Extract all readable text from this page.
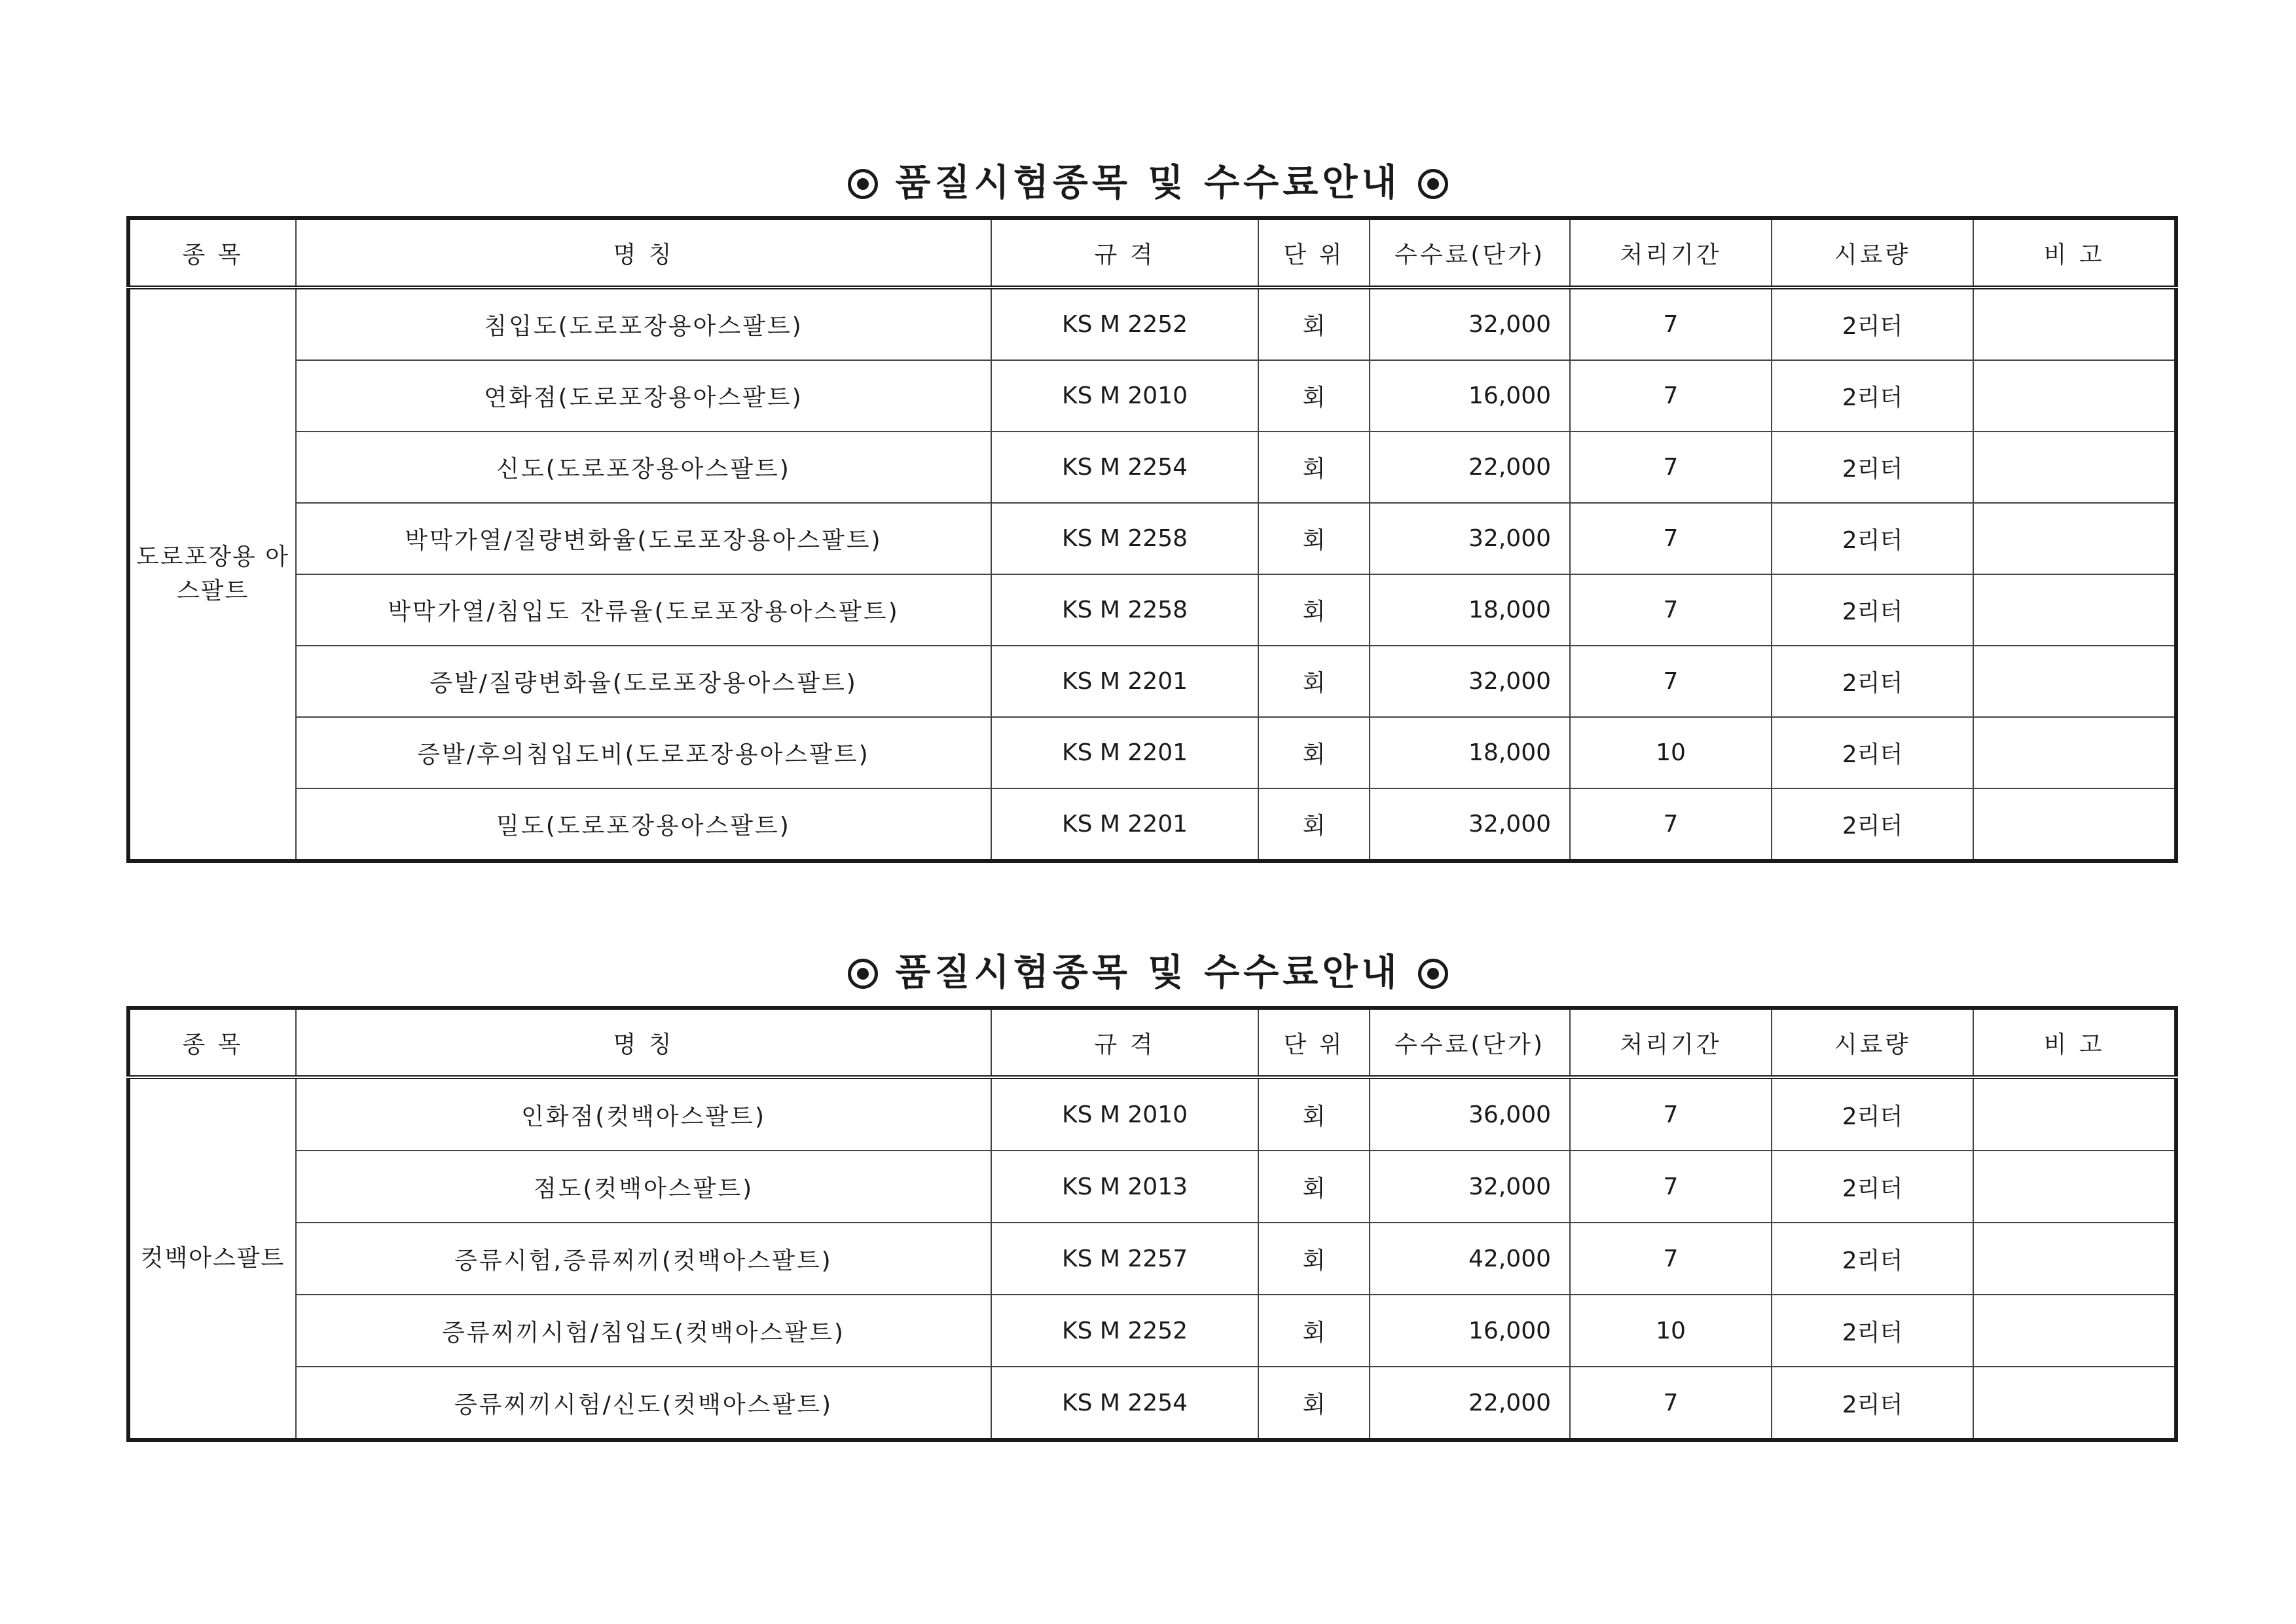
품질시험종목 및 수수료안내
종 목	명 칭	규 격	단 위	수수료(단가)	처리기간	시료량	비 고
도로포장용 아스팔트	침입도(도로포장용아스팔트)	KS M 2252	회	32,000	7	2리터	
	연화점(도로포장용아스팔트)	KS M 2010	회	16,000	7	2리터	
	신도(도로포장용아스팔트)	KS M 2254	회	22,000	7	2리터	
	박막가열/질량변화율(도로포장용아스팔트)	KS M 2258	회	32,000	7	2리터	
	박막가열/침입도 잔류율(도로포장용아스팔트)	KS M 2258	회	18,000	7	2리터	
	증발/질량변화율(도로포장용아스팔트)	KS M 2201	회	32,000	7	2리터	
	증발/후의침입도비(도로포장용아스팔트)	KS M 2201	회	18,000	10	2리터	
	밀도(도로포장용아스팔트)	KS M 2201	회	32,000	7	2리터	
품질시험종목 및 수수료안내
종 목	명 칭	규 격	단 위	수수료(단가)	처리기간	시료량	비 고
컷백아스팔트	인화점(컷백아스팔트)	KS M 2010	회	36,000	7	2리터	
	점도(컷백아스팔트)	KS M 2013	회	32,000	7	2리터	
	증류시험,증류찌끼(컷백아스팔트)	KS M 2257	회	42,000	7	2리터	
	증류찌끼시험/침입도(컷백아스팔트)	KS M 2252	회	16,000	10	2리터	
	증류찌끼시험/신도(컷백아스팔트)	KS M 2254	회	22,000	7	2리터	
